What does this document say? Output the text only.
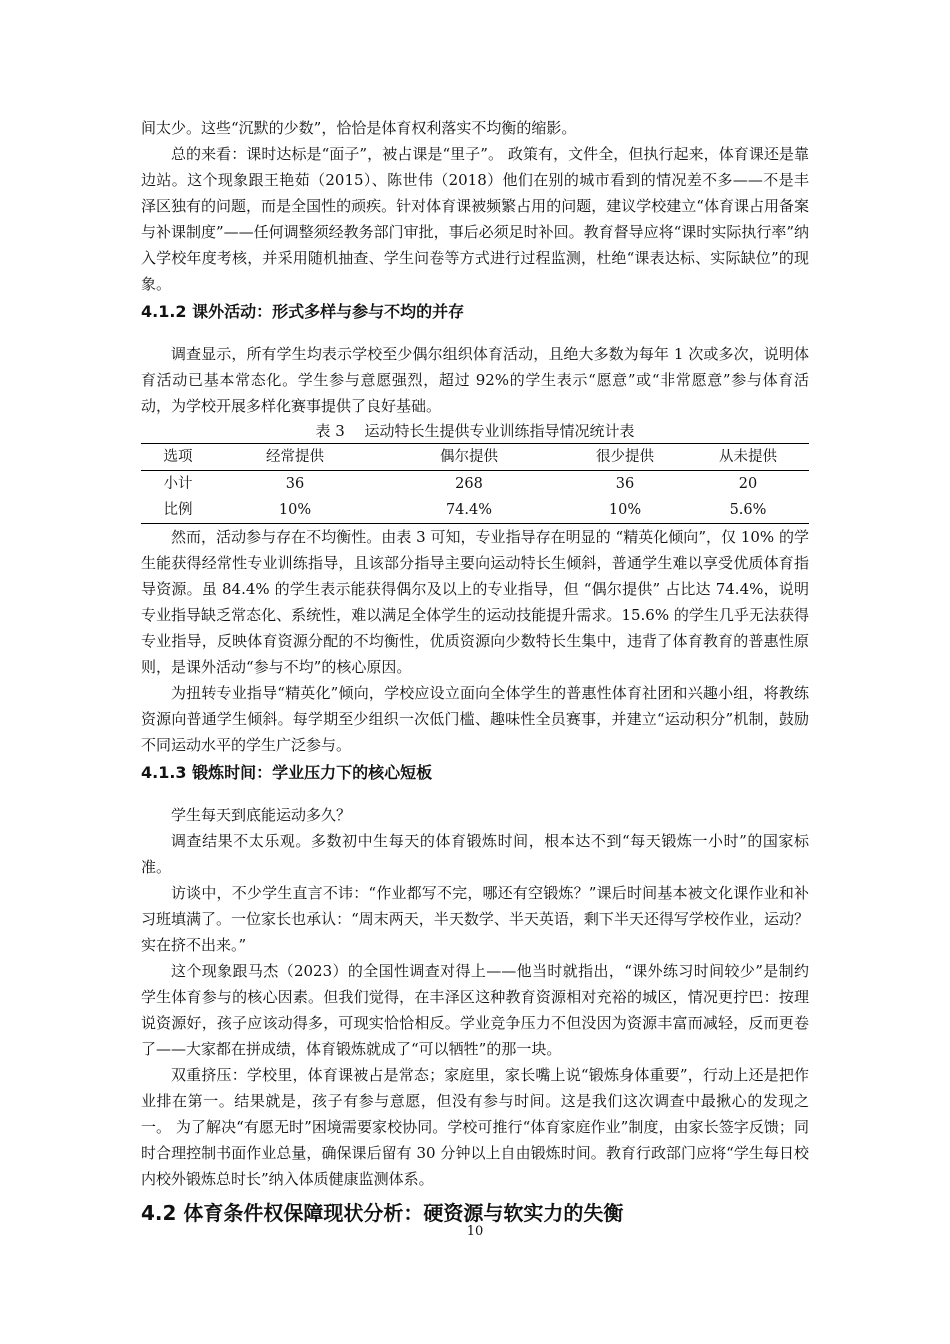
间太少。这些“沉默的少数”，恰恰是体育权利落实不均衡的缩影。

总的来看：课时达标是“面子”，被占课是“里子”。 政策有，文件全，但执行起来，体育课还是靠边站。这个现象跟王艳茹（2015）、陈世伟（2018）他们在别的城市看到的情况差不多——不是丰泽区独有的问题，而是全国性的顽疾。针对体育课被频繁占用的问题，建议学校建立“体育课占用备案与补课制度”——任何调整须经教务部门审批，事后必须足时补回。教育督导应将“课时实际执行率”纳入学校年度考核，并采用随机抽查、学生问卷等方式进行过程监测，杜绝“课表达标、实际缺位”的现象。

4.1.2 课外活动：形式多样与参与不均的并存

调查显示，所有学生均表示学校至少偶尔组织体育活动，且绝大多数为每年 1 次或多次，说明体育活动已基本常态化。学生参与意愿强烈，超过 92%的学生表示“愿意”或“非常愿意”参与体育活动，为学校开展多样化赛事提供了良好基础。

表 3　 运动特长生提供专业训练指导情况统计表
选项	经常提供	偶尔提供	很少提供	从未提供
小计	36	268	36	20
比例	10%	74.4%	10%	5.6%

然而，活动参与存在不均衡性。由表 3 可知，专业指导存在明显的 “精英化倾向”，仅 10% 的学生能获得经常性专业训练指导，且该部分指导主要向运动特长生倾斜，普通学生难以享受优质体育指导资源。虽 84.4% 的学生表示能获得偶尔及以上的专业指导，但 “偶尔提供” 占比达 74.4%，说明专业指导缺乏常态化、系统性，难以满足全体学生的运动技能提升需求。15.6% 的学生几乎无法获得专业指导，反映体育资源分配的不均衡性，优质资源向少数特长生集中，违背了体育教育的普惠性原则，是课外活动“参与不均”的核心原因。

为扭转专业指导“精英化”倾向，学校应设立面向全体学生的普惠性体育社团和兴趣小组，将教练资源向普通学生倾斜。每学期至少组织一次低门槛、趣味性全员赛事，并建立“运动积分”机制，鼓励不同运动水平的学生广泛参与。

4.1.3 锻炼时间：学业压力下的核心短板

学生每天到底能运动多久？

调查结果不太乐观。多数初中生每天的体育锻炼时间，根本达不到“每天锻炼一小时”的国家标准。

访谈中，不少学生直言不讳：“作业都写不完，哪还有空锻炼？”课后时间基本被文化课作业和补习班填满了。一位家长也承认：“周末两天，半天数学、半天英语，剩下半天还得写学校作业，运动？实在挤不出来。”

这个现象跟马杰（2023）的全国性调查对得上——他当时就指出，“课外练习时间较少”是制约学生体育参与的核心因素。但我们觉得，在丰泽区这种教育资源相对充裕的城区，情况更拧巴：按理说资源好，孩子应该动得多，可现实恰恰相反。学业竞争压力不但没因为资源丰富而减轻，反而更卷了——大家都在拼成绩，体育锻炼就成了“可以牺牲”的那一块。

双重挤压：学校里，体育课被占是常态；家庭里，家长嘴上说“锻炼身体重要”，行动上还是把作业排在第一。结果就是，孩子有参与意愿，但没有参与时间。这是我们这次调查中最揪心的发现之一。 为了解决“有愿无时”困境需要家校协同。学校可推行“体育家庭作业”制度，由家长签字反馈；同时合理控制书面作业总量，确保课后留有 30 分钟以上自由锻炼时间。教育行政部门应将“学生每日校内校外锻炼总时长”纳入体质健康监测体系。

4.2 体育条件权保障现状分析：硬资源与软实力的失衡
10
